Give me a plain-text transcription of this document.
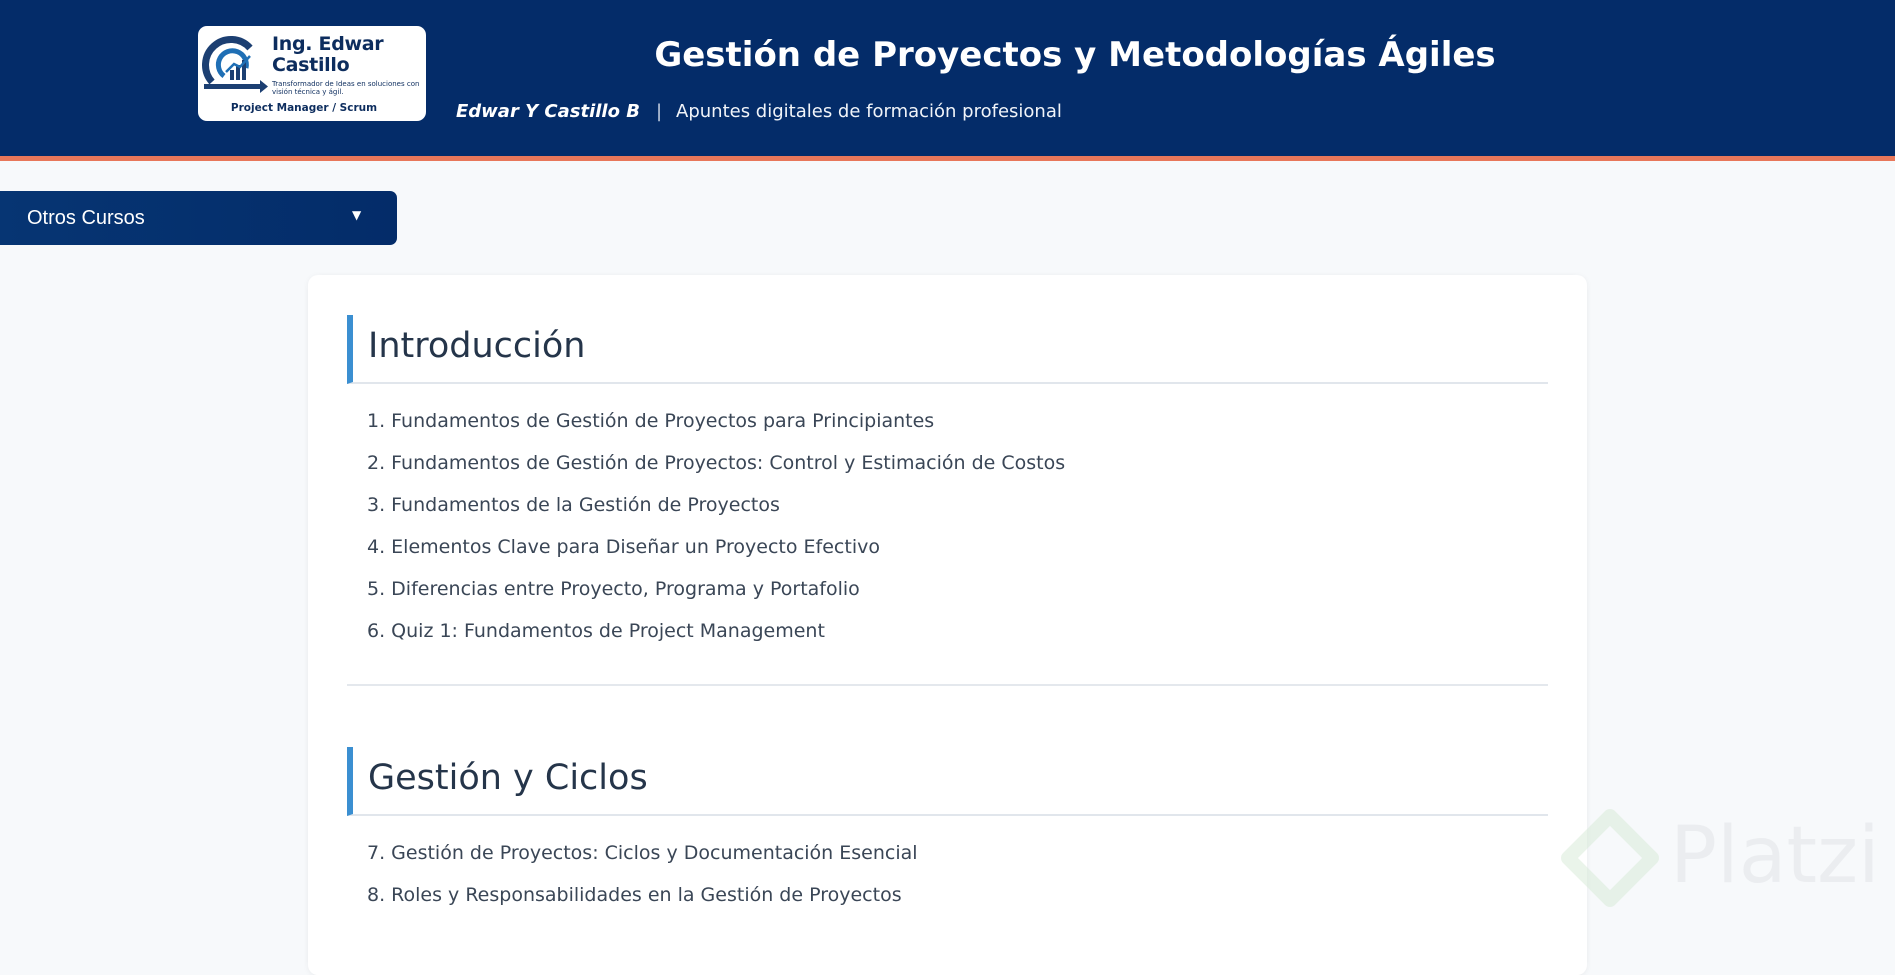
Ing. Edwar Castillo
Transformador de Ideas en soluciones con visión técnica y ágil.
Project Manager / Scrum
Gestión de Proyectos y Metodologías Ágiles
Edwar Y Castillo B | Apuntes digitales de formación profesional
Otros Cursos	▼
Introducción
1. Fundamentos de Gestión de Proyectos para Principiantes
2. Fundamentos de Gestión de Proyectos: Control y Estimación de Costos
3. Fundamentos de la Gestión de Proyectos
4. Elementos Clave para Diseñar un Proyecto Efectivo
5. Diferencias entre Proyecto, Programa y Portafolio
6. Quiz 1: Fundamentos de Project Management
Gestión y Ciclos
7. Gestión de Proyectos: Ciclos y Documentación Esencial
8. Roles y Responsabilidades en la Gestión de Proyectos	Platzi
